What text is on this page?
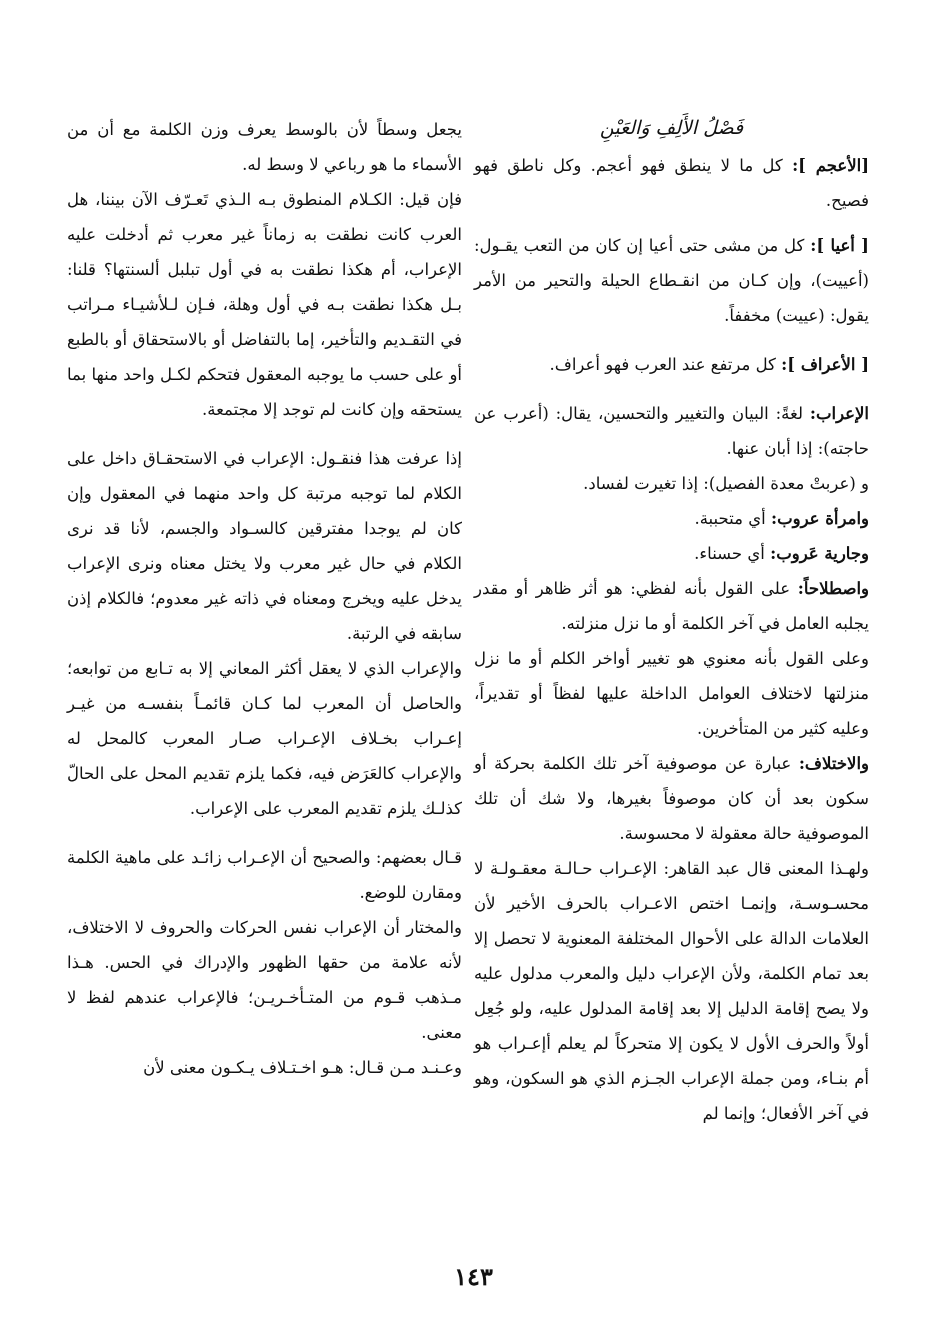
فَصْلُ الأَلِفِ وَالعَيْنِ

[الأعجم ]: كل ما لا ينطق فهو أعجم. وكل ناطق فهو فصيح.

[ أعيا ]: كل من مشى حتى أعيا إن كان من التعب يقـول: (أعييت)، وإن كـان من انقـطاع الحيلة والتحير من الأمر يقول: (عييت) مخففاً.

[ الأعراف ]: كل مرتفع عند العرب فهو أعراف.

الإعراب: لغةً: البيان والتغيير والتحسين، يقال: (أعرب عن حاجته): إذا أبان عنها.

و (عربتْ معدة الفصيل): إذا تغيرت لفساد.

وامرأة عروب: أي متحببة.

وجارية عَروب: أي حسناء.

واصطلاحاً: على القول بأنه لفظي: هو أثر ظاهر أو مقدر يجلبه العامل في آخر الكلمة أو ما نزل منزلته.

وعلى القول بأنه معنوي هو تغيير أواخر الكلم أو ما نزل منزلتها لاختلاف العوامل الداخلة عليها لفظاً أو تقديراً، وعليه كثير من المتأخرين.

والاختلاف: عبارة عن موصوفية آخر تلك الكلمة بحركة أو سكون بعد أن كان موصوفاً بغيرها، ولا شك أن تلك الموصوفية حالة معقولة لا محسوسة.

ولهـذا المعنى قال عبد القاهر: الإعـراب حـالـة معقـولـة لا محسـوسـة، وإنمـا اختص الاعـراب بالحرف الأخير لأن العلامات الدالة على الأحوال المختلفة المعنوية لا تحصل إلا بعد تمام الكلمة، ولأن الإعراب دليل والمعرب مدلول عليه ولا يصح إقامة الدليل إلا بعد إقامة المدلول عليه، ولو جُعِل أولاً والحرف الأول لا يكون إلا متحركاً لم يعلم أإعـراب هو أم بنـاء، ومن جملة الإعراب الجـزم الذي هو السكون، وهو في آخر الأفعال؛ وإنما لم

يجعل وسطاً لأن بالوسط يعرف وزن الكلمة مع أن من الأسماء ما هو رباعي لا وسط له.

فإن قيل: الكـلام المنطوق بـه الـذي تَعـرّف الآن بيننا، هل العرب كانت نطقت به زماناً غير معرب ثم أدخلت عليه الإعراب، أم هكذا نطقت به في أول تبلبل ألسنتها؟ قلنا: بـل هكذا نطقت بـه في أول وهلة، فـإن لـلأشيـاء مـراتب في التقـديم والتأخير، إما بالتفاضل أو بالاستحقاق أو بالطبع أو على حسب ما يوجبه المعقول فتحكم لكـل واحد منها بما يستحقه وإن كانت لم توجد إلا مجتمعة.

إذا عرفت هذا فنقـول: الإعراب في الاستحقـاق داخل على الكلام لما توجبه مرتبة كل واحد منهما في المعقول وإن كان لم يوجدا مفترقين كالسـواد والجسم، لأنا قد نرى الكلام في حال غير معرب ولا يختل معناه ونرى الإعراب يدخل عليه ويخرج ومعناه في ذاته غير معدوم؛ فالكلام إذن سابقه في الرتبة.

والإعراب الذي لا يعقل أكثر المعاني إلا به تـابع من توابعه؛ والحاصل أن المعرب لما كـان قائمـاً بنفسـه من غيـر إعـراب بخـلاف الإعـراب صـار المعرب كالمحل له والإعراب كالعَرَض فيه، فكما يلزم تقديم المحل على الحالّ كذلـك يلزم تقديم المعرب على الإعراب.

قـال بعضهم: والصحيح أن الإعـراب زائـد على ماهية الكلمة ومقارن للوضع.

والمختار أن الإعراب نفس الحركات والحروف لا الاختلاف، لأنه علامة من حقها الظهور والإدراك في الحس. هـذا مـذهب قـوم من المتـأخـريـن؛ فالإعراب عندهم لفظ لا معنى.

وعـنـد مـن قـال: هـو اخـتـلاف يـكـون معنى لأن

١٤٣
